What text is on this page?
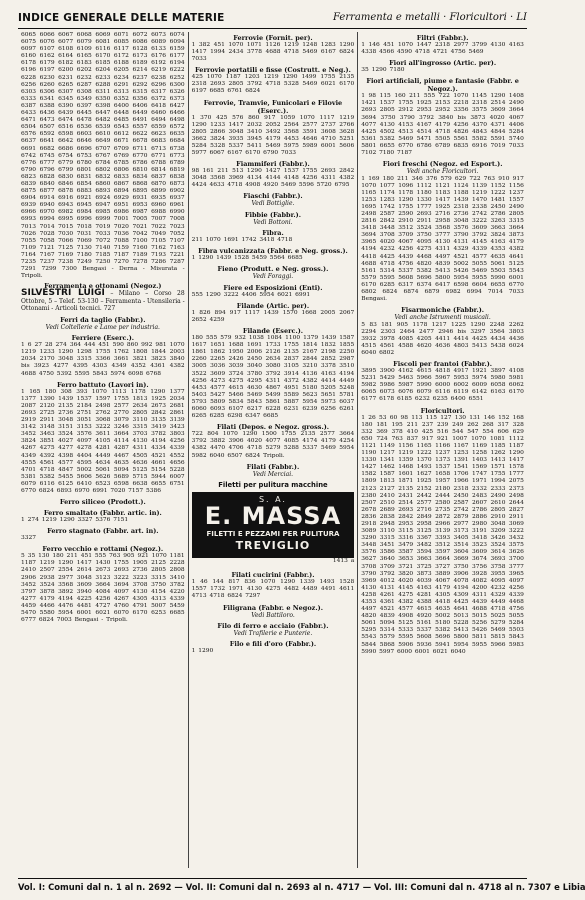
INDICE GENERALE DELLE MATERIE	Ferramenta e metalli · Floricultori · LI
6065 6066 6067 6068 6069 6071 6072 6073 6074 6075 6076 6077 6079 6081 6085 6086 6089 6094 6097 6107 6108 6109 6116 6117 6128 6133 6159 6160 6162 6164 6165 6170 6172 6173 6176 6177 6178 6179 6182 6183 6185 6188 6189 6192 6194 6196 6197 6200 6202 6204 6205 6214 6219 6222 6228 6230 6231 6232 6233 6234 6237 6238 6252 6256 6260 6265 6287 6288 6291 6292 6296 6300 6303 6306 6307 6308 6311 6313 6315 6317 6326 6333 6341 6345 6349 6350 6352 6356 6372 6373 6387 6388 6390 6397 6398 6400 6406 6418 6427 6433 6436 6439 6445 6447 6448 6449 6460 6466 6471 6473 6474 6478 6482 6485 6491 6494 6498 6504 6507 6516 6536 6539 6543 6557 6559 6572 6576 6592 6598 6603 6610 6612 6622 6623 6635 6637 6641 6642 6646 6649 6671 6678 6683 6684 6691 6682 6686 6696 6707 6709 6711 6713 6738 6742 6745 6754 6753 6767 6769 6770 6771 6773 6776 6777 6779 6780 6784 6785 6786 6788 6789 6790 6796 6799 6801 6802 6806 6810 6814 6819 6823 6828 6830 6831 6832 6833 6834 6837 6838 6839 6840 6846 6854 6860 6867 6868 6870 6873 6875 6877 6878 6883 6893 6894 6895 6899 6902 6904 6914 6916 6921 6924 6929 6931 6935 6937 6939 6940 6943 6945 6947 6951 6953 6960 6961 6966 6970 6982 6984 6985 6986 6987 6988 6990 6993 6994 6995 6996 6999 7001 7005 7007 7008 7013 7014 7015 7018 7019 7020 7021 7022 7023 7026 7028 7030 7031 7033 7036 7042 7049 7052 7055 7058 7066 7069 7072 7088 7100 7105 7107 7109 7121 7125 7130 7140 7159 7160 7162 7163 7164 7167 7169 7180 7185 7187 7189 7193 7221 7235 7237 7238 7249 7250 7270 7278 7286 7287 7291 7299 7300 Bengasi - Derna - Misurata - Tripoli.
Ferramenta e ottonami (Negoz.)
SILVESTRI LUIGI – Milano – Corso 28 Ottobre, 5 – Telef. 53-130 – Ferramenta - Utensileria - Ottonami - Articoli tecnici. 727
Ferri da taglio (Fabbr.).
Vedi Coltellerie e Lame per industria.
Ferriere (Eserc.).
1 6 27 28 274 364 444 451 590 860 992 981 1070 1219 1233 1290 1298 1755 1762 1808 1844 2003 2034 2170 3048 3315 3366 3661 3821 3823 3840 bis 3923 4277 4395 4303 4349 4352 4361 4382 4688 4750 5392 5595 5843 5974 6098 6768
Ferro battuto (Lavori in).
1 165 180 308 393 1070 1113 1178 1290 1377 1377 1390 1439 1537 1597 1755 1813 1925 2034 2087 2120 2135 2184 2498 2577 2634 2673 2681 2693 2725 2736 2751 2762 2770 2805 2842 2861 2919 2911 3048 3051 3068 3079 3110 3135 3139 3142 3148 3151 3153 3222 3246 3315 3419 3423 3452 3463 3524 3576 3611 3664 3703 3782 3803 3824 3851 4027 4097 4105 4114 4130 4194 4256 4267 4275 4277 4278 4281 4287 4311 4334 4339 4349 4392 4398 4404 4449 4467 4505 4521 4552 4555 4561 4577 4595 4634 4635 4636 4661 4656 4701 4718 4847 5002 5061 5094 5125 5154 5228 5381 5382 5455 5606 5626 5689 5715 5944 6007 6079 6116 6125 6410 6523 6598 6638 6655 6751 6770 6824 6893 6970 6991 7020 7157 5386
Ferro siliceo (Prodott.).
Ferro smaltato (Fabbr. artic. in).
1 274 1219 1290 3327 5376 7151
Ferro stagnato (Fabbr. art. in).
3327
Ferro vecchio e rottami (Negoz.).
5 35 130 180 211 451 555 763 905 921 1070 1181 1187 1219 1290 1417 1430 1755 1905 2125 2228 2410 2507 2554 2614 2673 2693 2736 2805 2808 2906 2938 2977 3048 3123 3222 3223 3315 3410 3452 3524 3568 3609 3664 3694 3708 3750 3782 3797 3878 3892 3940 4084 4097 4130 4154 4220 4277 4179 4194 4225 4256 4267 4305 4313 4339 4459 4466 4476 4481 4727 4760 4791 5007 5459 5470 5580 5954 6001 6021 6070 6170 6253 6685 6777 6824 7003 Bengasi - Tripoli.
Ferrovie (Fornit. per).
1 382 451 1070 1071 1126 1219 1248 1283 1290 1417 1994 2434 3778 4688 4718 5469 6167 6824 7033
Ferrovie portatili e fisse (Costrutt. e Neg.).
425 1070 1187 1203 1219 1290 1499 1755 2135 2318 2693 2805 3792 4718 5328 5469 6021 6170 6197 6685 6761 6824
Ferrovie, Tramvie, Funicolari e Filovie (Eserc.).
1 370 425 576 860 917 1059 1070 1117 1219 1290 1233 1417 2032 2052 2564 2577 2737 2766 2805 2866 3048 3410 3492 3568 3591 3608 3628 3662 3824 3935 3945 4179 4453 4646 4710 5251 5284 5328 5337 5411 5469 5975 5989 6001 5606 5977 6067 6167 6170 6790 7033
Fiammiferi (Fabbr.).
98 161 211 513 1290 1427 1537 1755 2693 2842 3048 3568 3969 4134 4144 4148 4256 4311 4382 4424 4633 4718 4908 4920 5469 5596 5720 6795
Fiaschi (Fabbr.).
Vedi Bottiglie.
Fibbie (Fabbr.).
Vedi Bottoni.
Fibra.
211 1070 1691 1742 3418 4718
Fibra vulcanizzata (Fabbr. e Neg. gross.).
1 1290 1439 1528 5459 5564 6685
Fieno (Produtt. e Neg. gross.).
Vedi Foraggi.
Fiere ed Esposizioni (Enti).
555 1290 3222 4406 5954 6021 6991
Filande (Artic. per).
1 826 894 917 1117 1439 1570 1668 2005 2067 2652 4259
Filande (Eserc.).
180 555 579 932 1038 1084 1100 1379 1439 1587 1617 1651 1688 1691 1733 1755 1814 1832 1855 1861 1862 1950 2006 2126 2135 2167 2198 2250 2260 2265 2426 2450 2634 2837 2844 2852 2987 3005 3036 3039 3040 3080 3105 3210 3378 3510 3522 3609 3724 3780 3792 3914 4136 4163 4194 4256 4273 4275 4295 4311 4372 4382 4414 4449 4453 4577 4615 4630 4867 4951 5180 5205 5248 5403 5427 5466 5469 5499 5589 5623 5651 5781 5793 5809 5834 5843 5861 5887 5954 5973 6037 6060 6093 6107 6217 6228 6231 6239 6256 6261 6265 6285 6298 6347 6685
Filati (Depos. e Negoz. gross.).
722 804 1070 1290 1500 1755 2135 2577 3664 3792 3882 3906 4020 4077 4085 4174 4179 4254 4382 4470 4706 4718 5279 5288 5337 5469 5954 5982 6040 6507 6824 Tripoli.
Filati (Fabbr.).
Vedi Merciai.
Filetti per pulitura macchine
S. A.
E. MASSA
FILETTI E PEZZAMI PER PULITURA
TREVIGLIO
1413 a
Filati cucirini (Fabbr.).
1 46 144 817 836 1070 1290 1339 1493 1528 1557 1732 1971 4130 4275 4482 4489 4491 4611 4713 4718 6824 7297
Filigrana (Fabbr. e Negoz.).
Vedi Battiloro.
Filo di ferro e acciaio (Fabbr.).
Vedi Trafilerie e Punterie.
Filo e fili d'oro (Fabbr.).
1 1290
Filtri (Fabbr.).
1 146 451 1070 1447 2318 2977 3799 4130 4163 4338 4566 4590 4718 4721 4756 5469
Fiori all'ingrosso (Artic. per).
35 1290 7180
Fiori artificiali, piume e fantasie (Fabbr. e Negoz.).
1 98 115 160 211 555 722 1070 1145 1290 1408 1421 1537 1755 1925 2153 2218 2318 2514 2490 2693 2805 2912 2953 2952 3356 3575 3609 3664 3694 3750 3790 3792 3840 bis 3873 4020 4067 4077 4130 4153 4167 4179 4256 4370 4371 4406 4425 4502 4513 4514 4718 4826 4843 4844 5284 5361 5382 5469 5471 5505 5561 5582 5591 5740 5801 6655 6770 6786 6789 6835 6916 7019 7033 7102 7180 7187
Fiori freschi (Negoz. ed Esport.).
Vedi anche Floricultori.
1 169 180 211 346 376 579 629 722 763 910 917 1070 1077 1096 1112 1121 1124 1139 1152 1156 1165 1174 1178 1180 1183 1188 1219 1222 1237 1253 1283 1290 1330 1417 1439 1470 1481 1557 1695 1742 1755 1777 1925 2318 2338 2450 2490 2498 2587 2590 2693 2716 2736 2742 2786 2805 2816 2842 2910 2911 2958 3048 3222 3263 3315 3418 3448 3512 3524 3568 3576 3609 3663 3664 3694 3708 3709 3750 3777 3790 3792 3824 3873 3965 4020 4067 4095 4130 4131 4145 4163 4179 4194 4232 4256 4275 4311 4329 4339 4353 4382 4418 4425 4439 4468 4497 4521 4577 4635 4641 4688 4718 4756 4820 4839 5002 5055 5061 5125 5161 5314 5337 5382 5413 5426 5469 5503 5543 5579 5595 5608 5696 5800 5954 5955 5990 6001 6170 6285 6317 6374 6417 6598 6604 6655 6770 6802 6824 6874 6879 6982 6994 7014 7033 Bengasi.
Fisarmoniche (Fabbr.).
Vedi anche Istrumenti musicali.
5 83 181 905 1178 1217 1225 1290 2248 2262 2294 2303 2464 2477 2946 bis 3297 3564 3803 3932 3978 4085 4205 4411 4414 4425 4434 4436 4515 4561 4588 4620 4636 4803 5413 5438 6024 6040 6802
Fiscoli per frantoi (Fabbr.).
3895 3900 4162 4615 4818 4917 1921 3897 4108 5231 5429 5463 5966 5967 5953 5974 5980 5981 5982 5986 5987 5990 6000 6002 6009 6058 6062 6065 6073 6076 6079 6116 6119 6142 6163 6170 6177 6178 6185 6232 6235 6400 6551
Floricultori.
1 26 53 60 98 113 115 127 130 131 146 152 168 180 181 195 211 237 239 249 262 268 317 328 332 369 378 410 425 516 544 547 554 606 629 650 724 763 837 917 921 1007 1070 1081 1112 1121 1149 1156 1165 1166 1167 1169 1185 1187 1190 1217 1219 1222 1237 1253 1258 1262 1290 1330 1341 1359 1370 1373 1391 1403 1413 1417 1427 1462 1468 1493 1537 1541 1569 1571 1578 1582 1587 1601 1627 1658 1706 1747 1755 1777 1809 1813 1871 1925 1957 1966 1971 1994 2075 2123 2127 2135 2152 2180 2318 2332 2333 2373 2380 2410 2431 2442 2444 2450 2483 2490 2498 2507 2510 2514 2577 2580 2587 2607 2610 2644 2678 2689 2693 2716 2735 2742 2786 2805 2827 2836 2838 2842 2849 2872 2879 2886 2910 2911 2918 2948 2953 2958 2966 2977 2980 3048 3069 3089 3110 3115 3125 3139 3173 3191 3209 3222 3290 3315 3316 3367 3393 3405 3418 3426 3432 3448 3451 3479 3482 3512 3514 3523 3524 3575 3576 3586 3587 3594 3597 3604 3609 3614 3626 3627 3640 3653 3663 3664 3669 3674 3693 3700 3708 3709 3721 3725 3727 3750 3756 3758 3777 3790 3792 3820 3873 3889 3906 3928 3955 3965 3969 4012 4020 4039 4067 4078 4082 4095 4097 4130 4131 4145 4163 4179 4194 4200 4232 4256 4258 4261 4275 4281 4305 4309 4311 4329 4339 4353 4361 4382 4388 4418 4425 4439 4449 4468 4497 4521 4577 4615 4635 4641 4688 4718 4756 4820 4839 4908 4920 5002 5013 5015 5025 5055 5061 5094 5125 5161 5180 5228 5256 5279 5284 5295 5314 5333 5337 5382 5413 5426 5469 5503 5543 5579 5595 5608 5696 5800 5811 5815 5843 5844 5868 5906 5936 5941 5954 5955 5966 5983 5990 5997 6000 6001 6021 6040
Vol. I: Comuni dal n. 1 al n. 2692 — Vol. II: Comuni dal n. 2693 al n. 4717 — Vol. III: Comuni dal n. 4718 al n. 7307 e Libia
